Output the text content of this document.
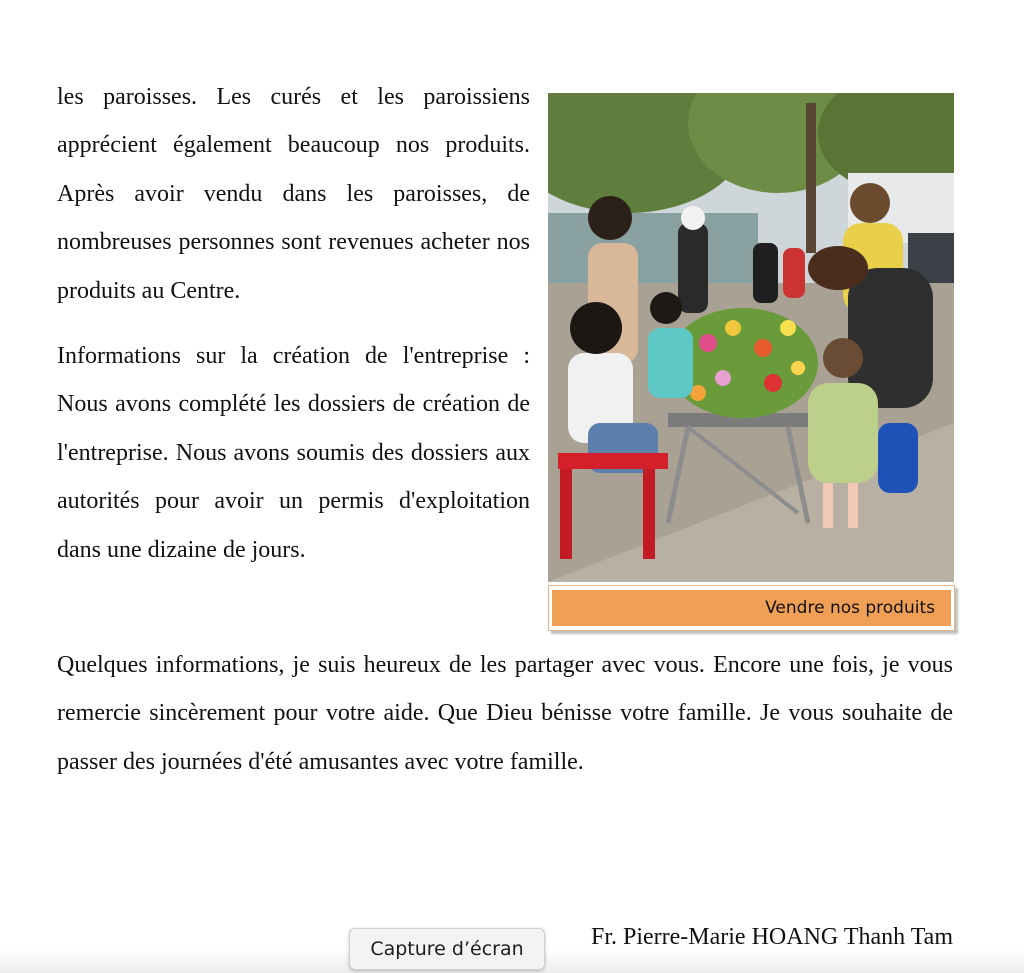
les paroisses. Les curés et les paroissiens apprécient également beaucoup nos produits. Après avoir vendu dans les paroisses, de nombreuses personnes sont revenues acheter nos produits au Centre.

Vendre nos produits

Informations sur la création de l'entreprise : Nous avons complété les dossiers de création de l'entreprise. Nous avons soumis des dossiers aux autorités pour avoir un permis d'exploitation dans une dizaine de jours.

Quelques informations, je suis heureux de les partager avec vous. Encore une fois, je vous remercie sincèrement pour votre aide. Que Dieu bénisse votre famille. Je vous souhaite de passer des journées d'été amusantes avec votre famille.

Fr. Pierre-Marie HOANG Thanh Tam
Capture d’écran
